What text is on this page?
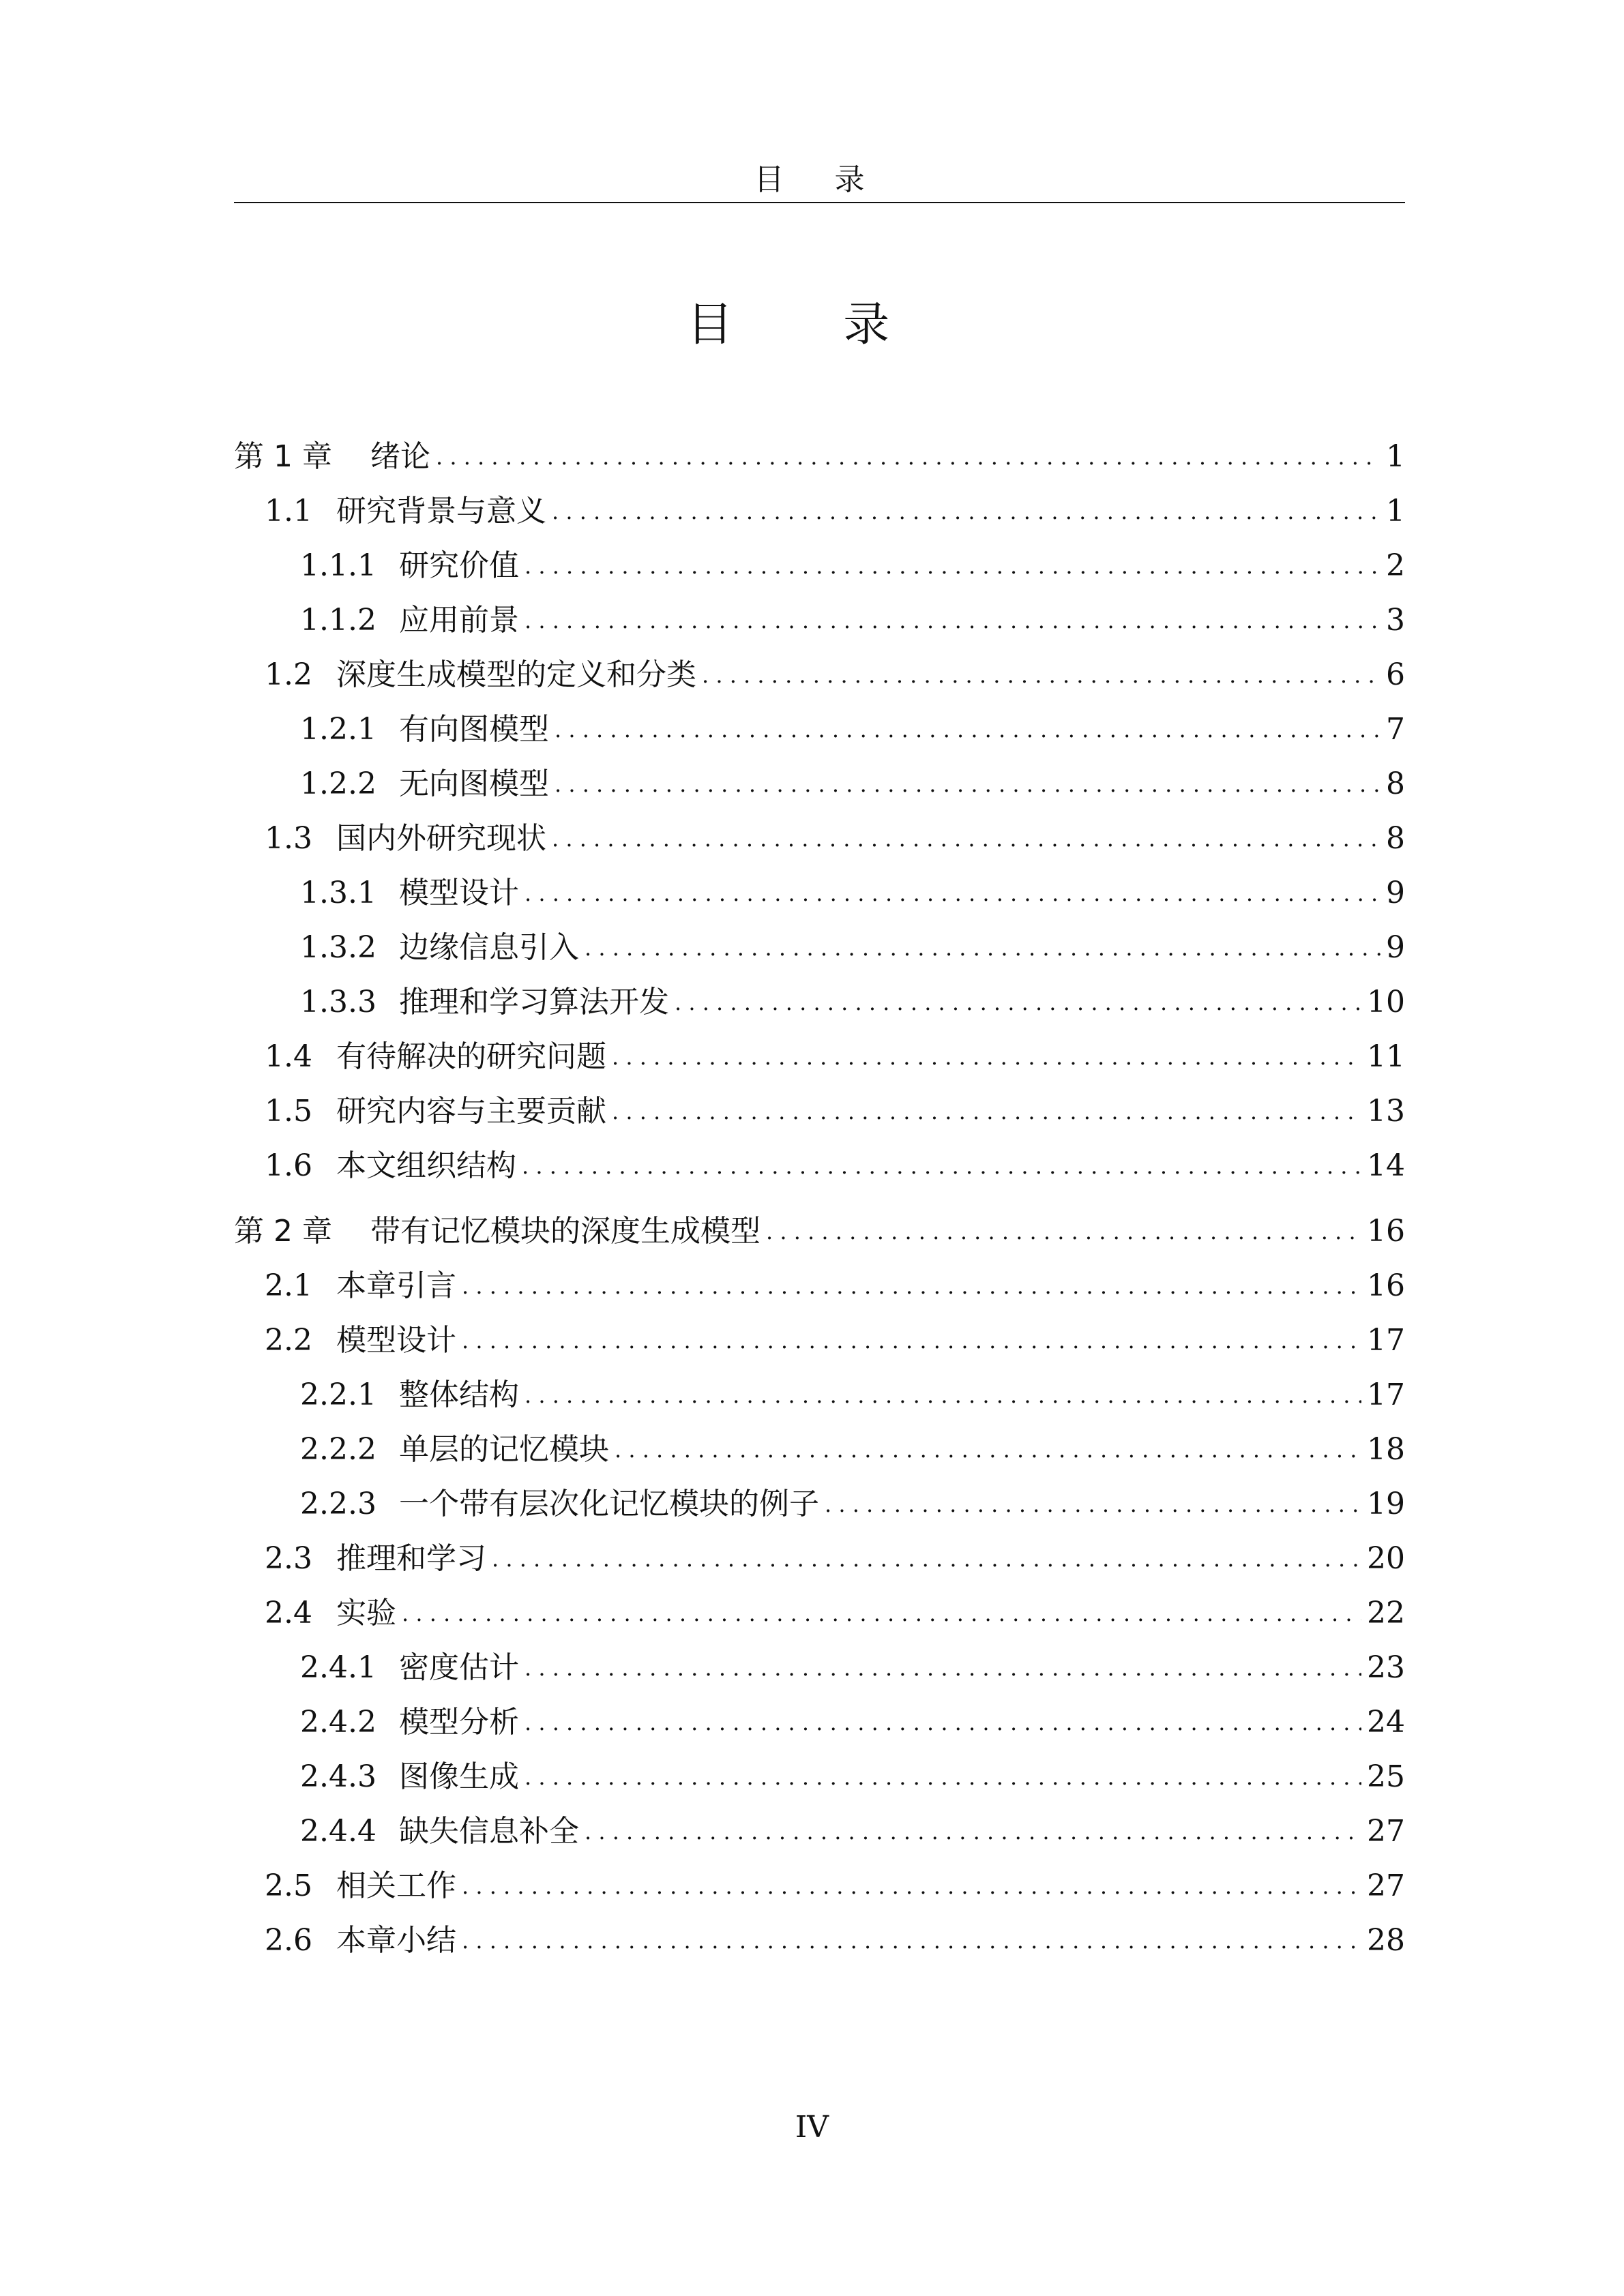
目 录
目 录
第 1 章	绪论 . . .	1
1.1 研究背景与意义 . . .	1
1.1.1 研究价值 . . .	2
1.1.2 应用前景 . . .	3
1.2 深度生成模型的定义和分类 . . .	6
1.2.1 有向图模型 . . .	7
1.2.2 无向图模型 . . .	8
1.3 国内外研究现状 . . .	8
1.3.1 模型设计 . . .	9
1.3.2 边缘信息引入 . . .	9
1.3.3 推理和学习算法开发 . . .	10
1.4 有待解决的研究问题 . . .	11
1.5 研究内容与主要贡献 . . .	13
1.6 本文组织结构 . . .	14
第 2 章	带有记忆模块的深度生成模型 . . .	16
2.1 本章引言 . . .	16
2.2 模型设计 . . .	17
2.2.1 整体结构 . . .	17
2.2.2 单层的记忆模块 . . .	18
2.2.3 一个带有层次化记忆模块的例子 . . .	19
2.3 推理和学习 . . .	20
2.4 实验 . . .	22
2.4.1 密度估计 . . .	23
2.4.2 模型分析 . . .	24
2.4.3 图像生成 . . .	25
2.4.4 缺失信息补全 . . .	27
2.5 相关工作 . . .	27
2.6 本章小结 . . .	28
IV
